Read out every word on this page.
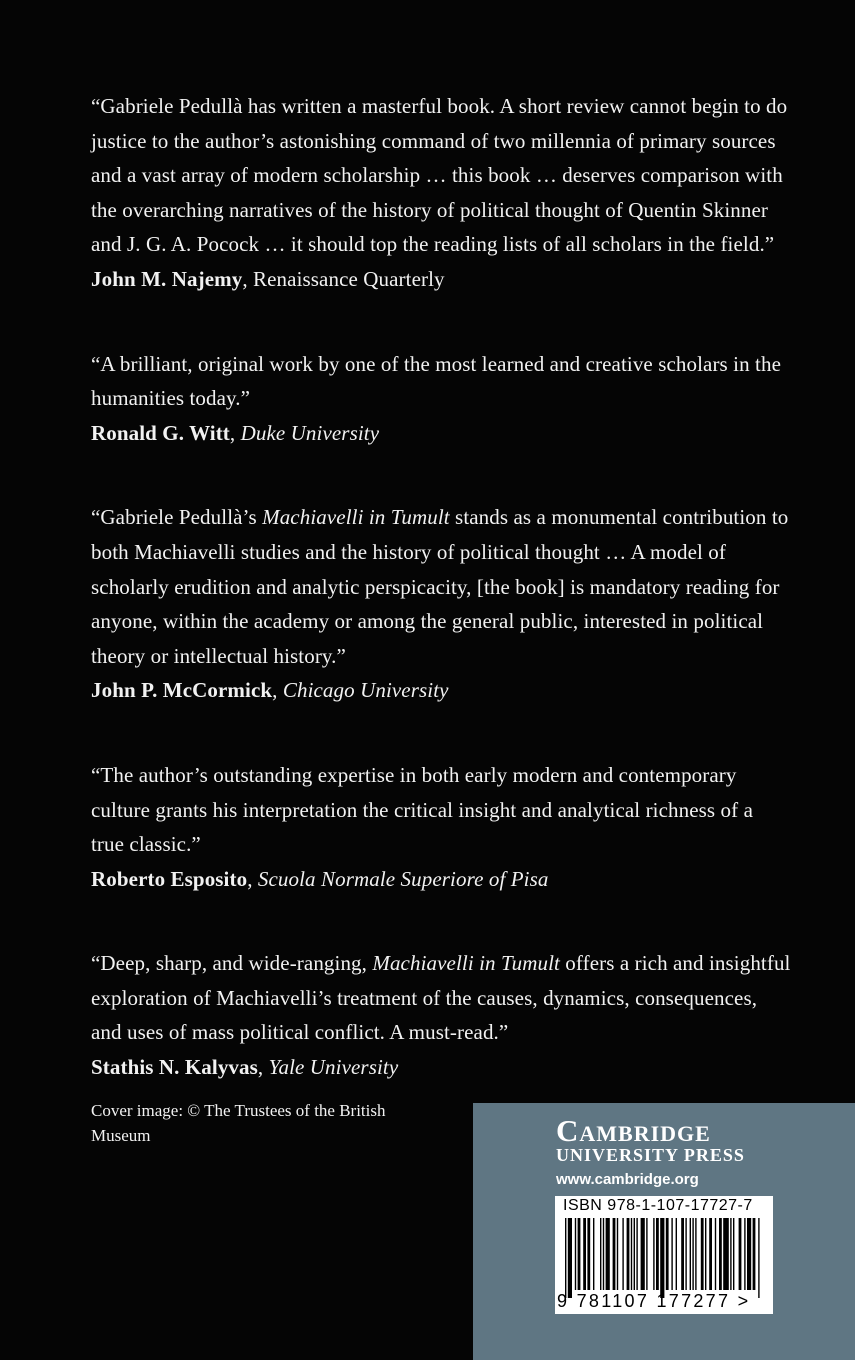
“Gabriele Pedullà has written a masterful book. A short review cannot begin to do justice to the author’s astonishing command of two millennia of primary sources and a vast array of modern scholarship … this book … deserves comparison with the overarching narratives of the history of political thought of Quentin Skinner and J. G. A. Pocock … it should top the reading lists of all scholars in the field.”
John M. Najemy, Renaissance Quarterly
“A brilliant, original work by one of the most learned and creative scholars in the humanities today.”
Ronald G. Witt, Duke University
“Gabriele Pedullà’s Machiavelli in Tumult stands as a monumental contribution to both Machiavelli studies and the history of political thought … A model of scholarly erudition and analytic perspicacity, [the book] is mandatory reading for anyone, within the academy or among the general public, interested in political theory or intellectual history.”
John P. McCormick, Chicago University
“The author’s outstanding expertise in both early modern and contemporary culture grants his interpretation the critical insight and analytical richness of a true classic.”
Roberto Esposito, Scuola Normale Superiore of Pisa
“Deep, sharp, and wide-ranging, Machiavelli in Tumult offers a rich and insightful exploration of Machiavelli’s treatment of the causes, dynamics, consequences, and uses of mass political conflict. A must-read.”
Stathis N. Kalyvas, Yale University
Cover image: © The Trustees of the British Museum	Cambridge
UNIVERSITY PRESS
www.cambridge.org
ISBN 978-1-107-17727-7
9 781107 177277 >
